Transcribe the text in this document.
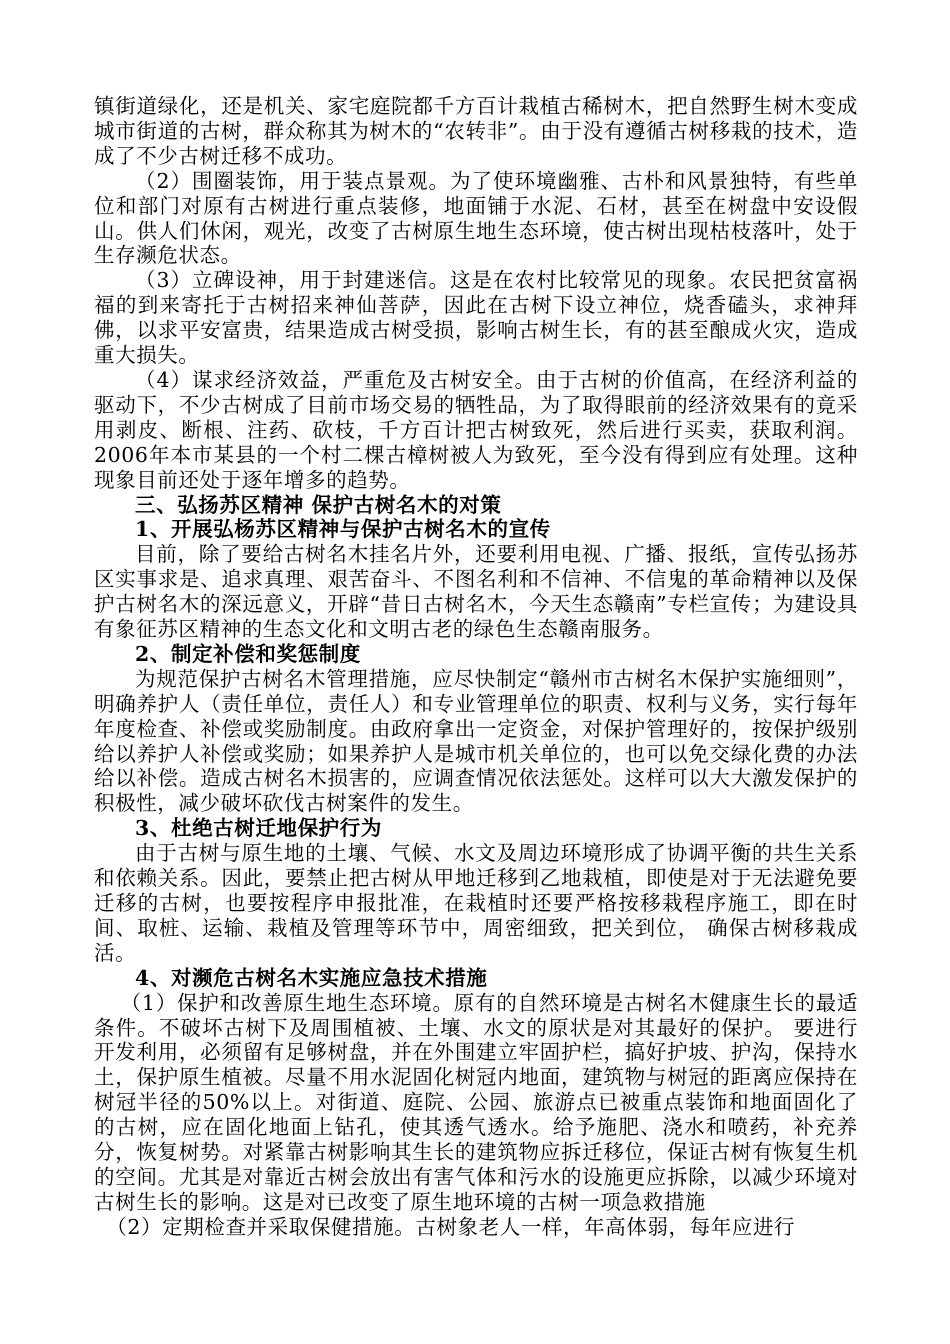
镇街道绿化，还是机关、家宅庭院都千方百计栽植古稀树木，把自然野生树木变成城市街道的古树，群众称其为树木的“农转非”。由于没有遵循古树移栽的技术，造成了不少古树迁移不成功。

（2）围圈装饰，用于装点景观。为了使环境幽雅、古朴和风景独特，有些单位和部门对原有古树进行重点装修，地面铺于水泥、石材，甚至在树盘中安设假山。供人们休闲，观光，改变了古树原生地生态环境，使古树出现枯枝落叶，处于生存濒危状态。

（3）立碑设神，用于封建迷信。这是在农村比较常见的现象。农民把贫富祸福的到来寄托于古树招来神仙菩萨，因此在古树下设立神位，烧香磕头，求神拜佛，以求平安富贵，结果造成古树受损，影响古树生长，有的甚至酿成火灾，造成重大损失。

（4）谋求经济效益，严重危及古树安全。由于古树的价值高，在经济利益的驱动下，不少古树成了目前市场交易的牺牲品，为了取得眼前的经济效果有的竟采用剥皮、断根、注药、砍枝，千方百计把古树致死，然后进行买卖，获取利润。2006年本市某县的一个村二棵古樟树被人为致死，至今没有得到应有处理。这种现象目前还处于逐年增多的趋势。

三、弘扬苏区精神 保护古树名木的对策

1、开展弘杨苏区精神与保护古树名木的宣传

目前，除了要给古树名木挂名片外，还要利用电视、广播、报纸，宣传弘扬苏区实事求是、追求真理、艰苦奋斗、不图名利和不信神、不信鬼的革命精神以及保护古树名木的深远意义，开辟“昔日古树名木，今天生态赣南”专栏宣传；为建设具有象征苏区精神的生态文化和文明古老的绿色生态赣南服务。

2、制定补偿和奖惩制度

为规范保护古树名木管理措施，应尽快制定“赣州市古树名木保护实施细则”，明确养护人（责任单位，责任人）和专业管理单位的职责、权利与义务，实行每年年度检查、补偿或奖励制度。由政府拿出一定资金，对保护管理好的，按保护级别给以养护人补偿或奖励；如果养护人是城市机关单位的，也可以免交绿化费的办法给以补偿。造成古树名木损害的，应调查情况依法惩处。这样可以大大激发保护的积极性，减少破坏砍伐古树案件的发生。

3、杜绝古树迁地保护行为

由于古树与原生地的土壤、气候、水文及周边环境形成了协调平衡的共生关系和依赖关系。因此，要禁止把古树从甲地迁移到乙地栽植，即使是对于无法避免要迁移的古树，也要按程序申报批准，在栽植时还要严格按移栽程序施工，即在时间、取桩、运输、栽植及管理等环节中，周密细致，把关到位， 确保古树移栽成活。

4、对濒危古树名木实施应急技术措施

（1）保护和改善原生地生态环境。原有的自然环境是古树名木健康生长的最适条件。不破坏古树下及周围植被、土壤、水文的原状是对其最好的保护。 要进行开发利用，必须留有足够树盘，并在外围建立牢固护栏，搞好护坡、护沟，保持水土，保护原生植被。尽量不用水泥固化树冠内地面，建筑物与树冠的距离应保持在树冠半径的50%以上。对街道、庭院、公园、旅游点已被重点装饰和地面固化了的古树，应在固化地面上钻孔，使其透气透水。给予施肥、浇水和喷药，补充养分，恢复树势。对紧靠古树影响其生长的建筑物应拆迁移位，保证古树有恢复生机的空间。尤其是对靠近古树会放出有害气体和污水的设施更应拆除，以减少环境对古树生长的影响。这是对已改变了原生地环境的古树一项急救措施

（2）定期检查并采取保健措施。古树象老人一样，年高体弱，每年应进行
